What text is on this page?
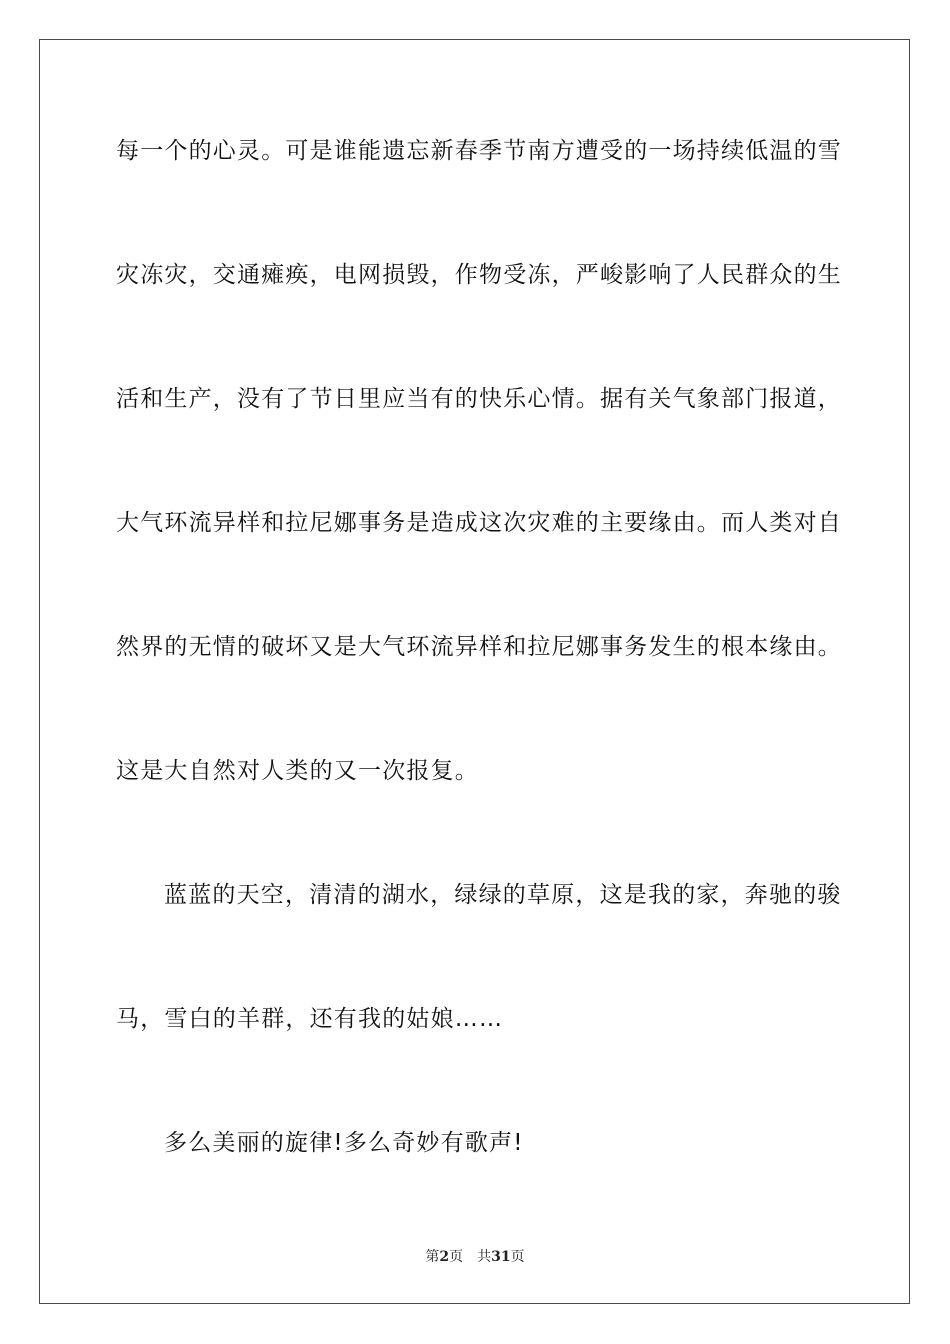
每一个的心灵。可是谁能遗忘新春季节南方遭受的一场持续低温的雪
灾冻灾，交通瘫痪，电网损毁，作物受冻，严峻影响了人民群众的生
活和生产，没有了节日里应当有的快乐心情。据有关气象部门报道，
大气环流异样和拉尼娜事务是造成这次灾难的主要缘由。而人类对自
然界的无情的破坏又是大气环流异样和拉尼娜事务发生的根本缘由。
这是大自然对人类的又一次报复。
蓝蓝的天空，清清的湖水，绿绿的草原，这是我的家，奔驰的骏
马，雪白的羊群，还有我的姑娘……
多么美丽的旋律!多么奇妙有歌声!
第2页 共31页
